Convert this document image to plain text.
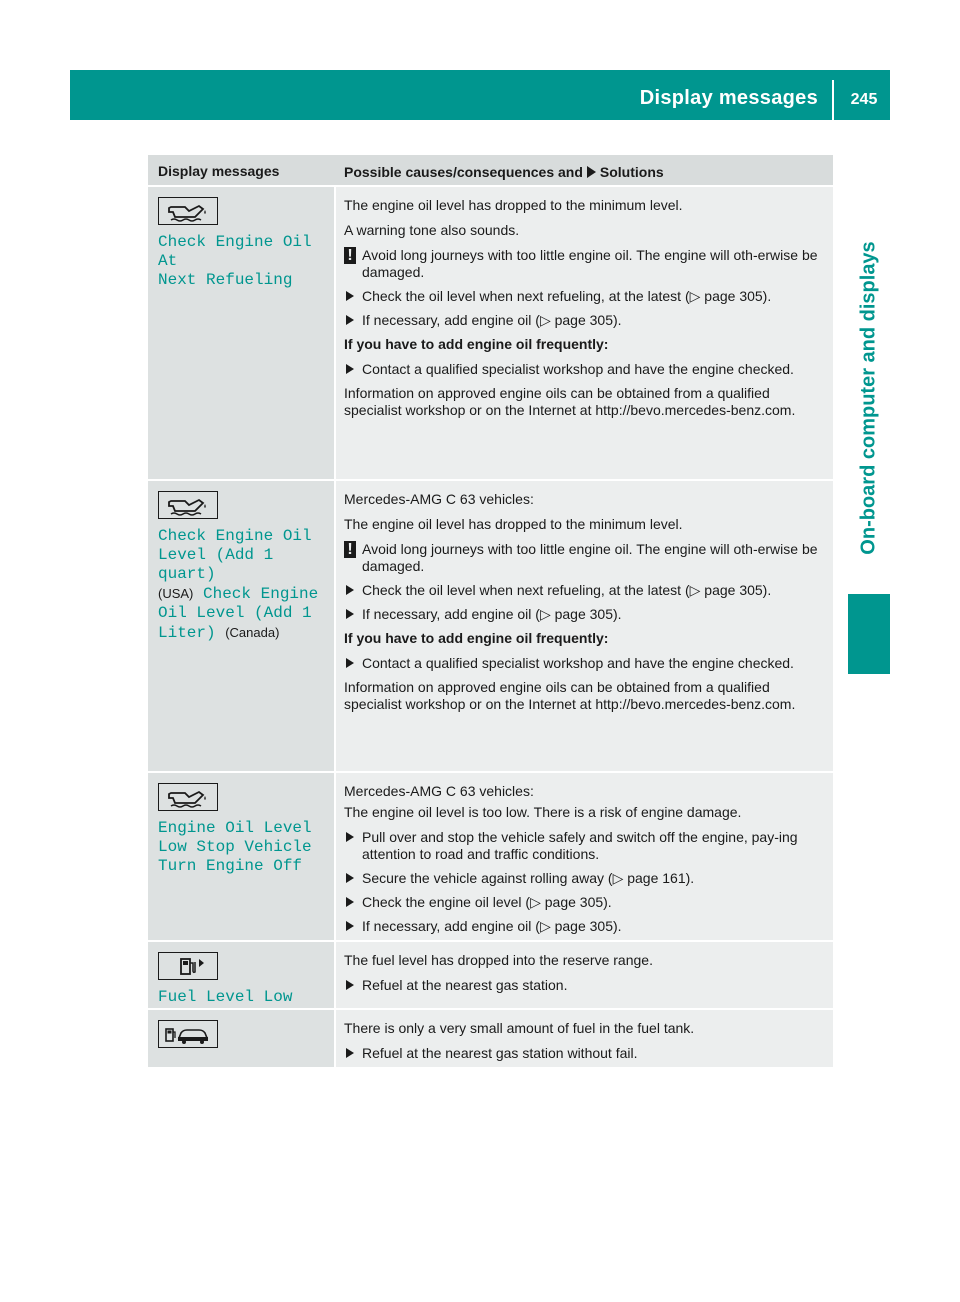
Display messages	245
On-board computer and displays
Display messages	Possible causes/consequences and Solutions
Check Engine Oil At
Next Refueling

The engine oil level has dropped to the minimum level.

A warning tone also sounds.

! Avoid long journeys with too little engine oil. The engine will oth-erwise be damaged.
Check the oil level when next refueling, at the latest (▷ page 305).
If necessary, add engine oil (▷ page 305).

If you have to add engine oil frequently:

Contact a qualified specialist workshop and have the engine checked.

Information on approved engine oils can be obtained from a qualified specialist workshop or on the Internet at http://bevo.mercedes-benz.com.

Check Engine Oil
Level (Add 1 quart)
(USA) Check Engine
Oil Level (Add 1
Liter) (Canada)

Mercedes-AMG C 63 vehicles:

The engine oil level has dropped to the minimum level.

! Avoid long journeys with too little engine oil. The engine will oth-erwise be damaged.
Check the oil level when next refueling, at the latest (▷ page 305).
If necessary, add engine oil (▷ page 305).

If you have to add engine oil frequently:

Contact a qualified specialist workshop and have the engine checked.

Information on approved engine oils can be obtained from a qualified specialist workshop or on the Internet at http://bevo.mercedes-benz.com.

Engine Oil Level
Low Stop Vehicle
Turn Engine Off

Mercedes-AMG C 63 vehicles:

The engine oil level is too low. There is a risk of engine damage.

Pull over and stop the vehicle safely and switch off the engine, pay-ing attention to road and traffic conditions.
Secure the vehicle against rolling away (▷ page 161).
Check the engine oil level (▷ page 305).
If necessary, add engine oil (▷ page 305).
Fuel Level Low

The fuel level has dropped into the reserve range.

Refuel at the nearest gas station.

There is only a very small amount of fuel in the fuel tank.

Refuel at the nearest gas station without fail.
